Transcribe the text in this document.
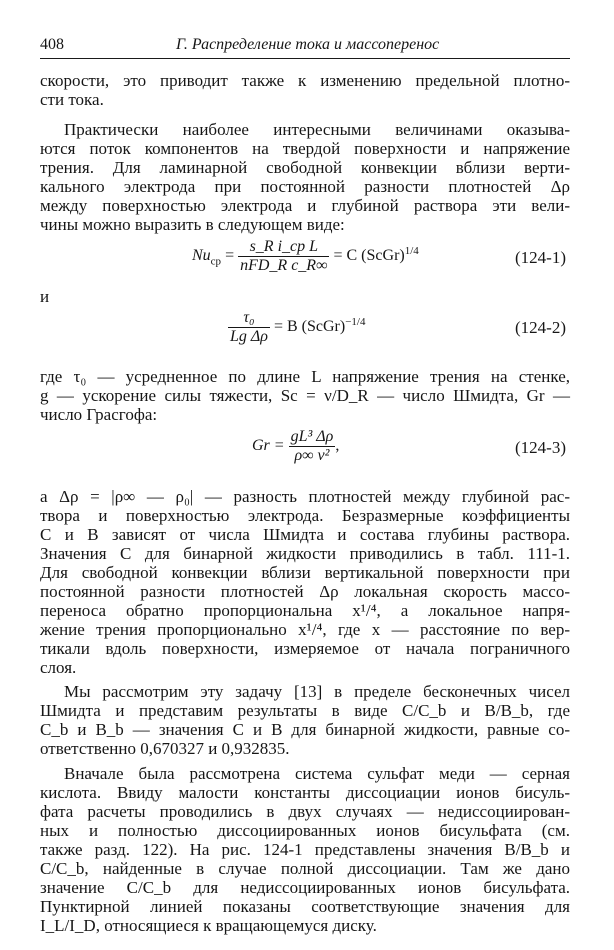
408	Г. Распределение тока и массоперенос
скорости, это приводит также к изменению предельной плотно-
сти тока.
Практически наиболее интересными величинами оказыва-
ются поток компонентов на твердой поверхности и напряжение
трения. Для ламинарной свободной конвекции вблизи верти-
кального электрода при постоянной разности плотностей Δρ
между поверхностью электрода и глубиной раствора эти вели-
чины можно выразить в следующем виде:
$Nu_{ср} = \frac{\text{s\_R i\_ср L}}{\text{nFD\_R c\_R∞}} = C$ (ScGr)$^{1/4}$	(124-1)
и
$\frac{\text{τ₀}}{\text{Lg Δρ}} = B$ (ScGr)$^{-1/4}$	(124-2)
где τ₀ — усредненное по длине L напряжение трения на стенке,
g — ускорение силы тяжести, Sc = ν/D_R — число Шмидта, Gr —
число Грасгофа:
$Gr = \frac{\text{gL³ Δρ}}{\text{ρ∞ ν²}}$ ,	(124-3)
а Δρ = |ρ∞ — ρ₀| — разность плотностей между глубиной рас-
твора и поверхностью электрода. Безразмерные коэффициенты
C и B зависят от числа Шмидта и состава глубины раствора.
Значения C для бинарной жидкости приводились в табл. 111-1.
Для свободной конвекции вблизи вертикальной поверхности при
постоянной разности плотностей Δρ локальная скорость массо-
переноса обратно пропорциональна x¹/⁴, а локальное напря-
жение трения пропорционально x¹/⁴, где x — расстояние по вер-
тикали вдоль поверхности, измеряемое от начала пограничного
слоя.
Мы рассмотрим эту задачу [13] в пределе бесконечных чисел
Шмидта и представим результаты в виде C/C_b и B/B_b, где
C_b и B_b — значения C и B для бинарной жидкости, равные со-
ответственно 0,670327 и 0,932835.
Вначале была рассмотрена система сульфат меди — серная
кислота. Ввиду малости константы диссоциации ионов бисуль-
фата расчеты проводились в двух случаях — недиссоциирован-
ных и полностью диссоциированных ионов бисульфата (см.
также разд. 122). На рис. 124-1 представлены значения B/B_b и
C/C_b, найденные в случае полной диссоциации. Там же дано
значение C/C_b для недиссоциированных ионов бисульфата.
Пунктирной линией показаны соответствующие значения для
I_L/I_D, относящиеся к вращающемуся диску.
